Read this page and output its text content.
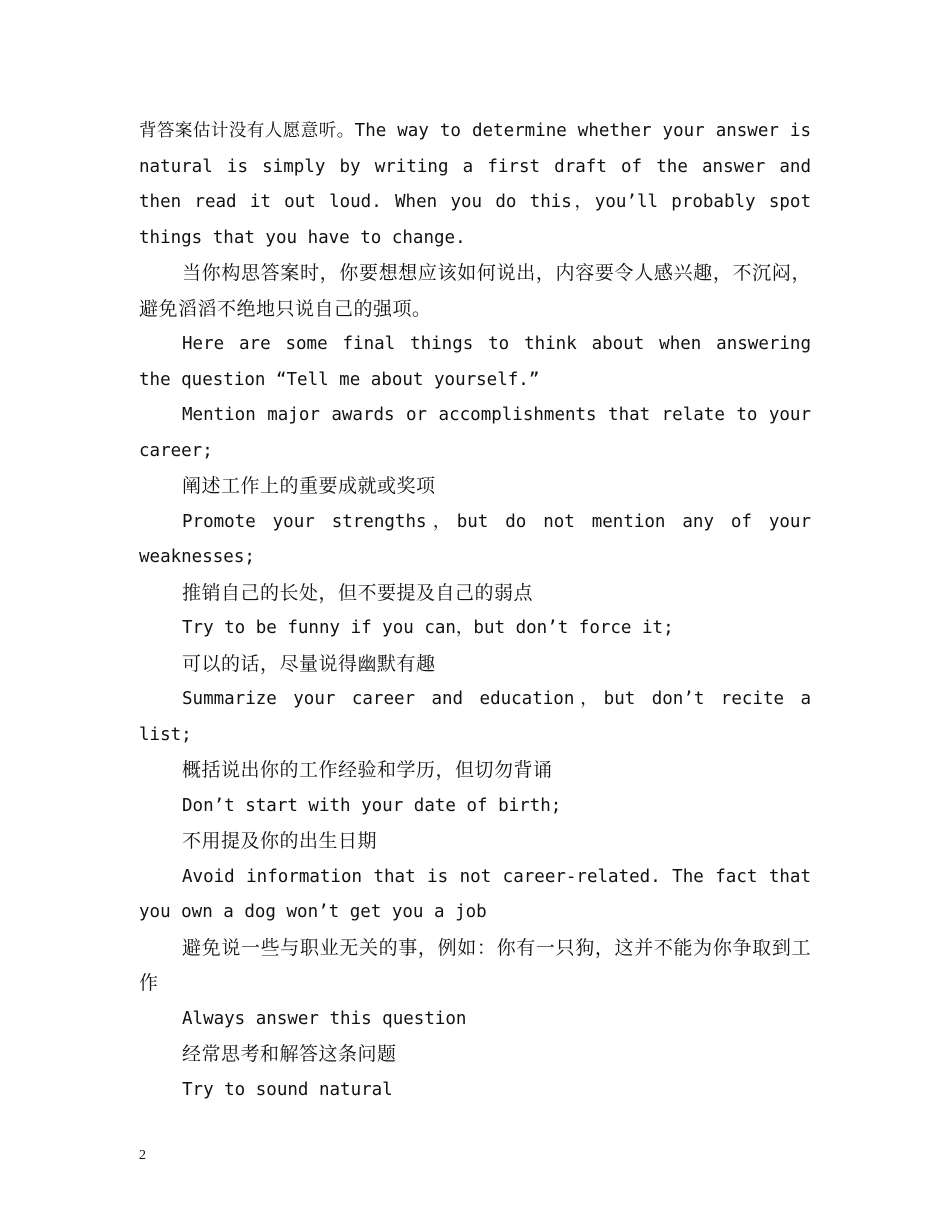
背答案估计没有人愿意听。The way to determine whether your answer is natural is simply by writing a first draft of the answer and then read it out loud. When you do this，you’ll probably spot things that you have to change.

当你构思答案时，你要想想应该如何说出，内容要令人感兴趣，不沉闷，避免滔滔不绝地只说自己的强项。

Here are some final things to think about when answering the question “Tell me about yourself.”

Mention major awards or accomplishments that relate to your career;

阐述工作上的重要成就或奖项

Promote your strengths，but do not mention any of your weaknesses;

推销自己的长处，但不要提及自己的弱点

Try to be funny if you can，but don’t force it;

可以的话，尽量说得幽默有趣

Summarize your career and education，but don’t recite a list;

概括说出你的工作经验和学历，但切勿背诵

Don’t start with your date of birth;

不用提及你的出生日期

Avoid information that is not career-related. The fact that you own a dog won’t get you a job

避免说一些与职业无关的事，例如：你有一只狗，这并不能为你争取到工作

Always answer this question

经常思考和解答这条问题

Try to sound natural

2
